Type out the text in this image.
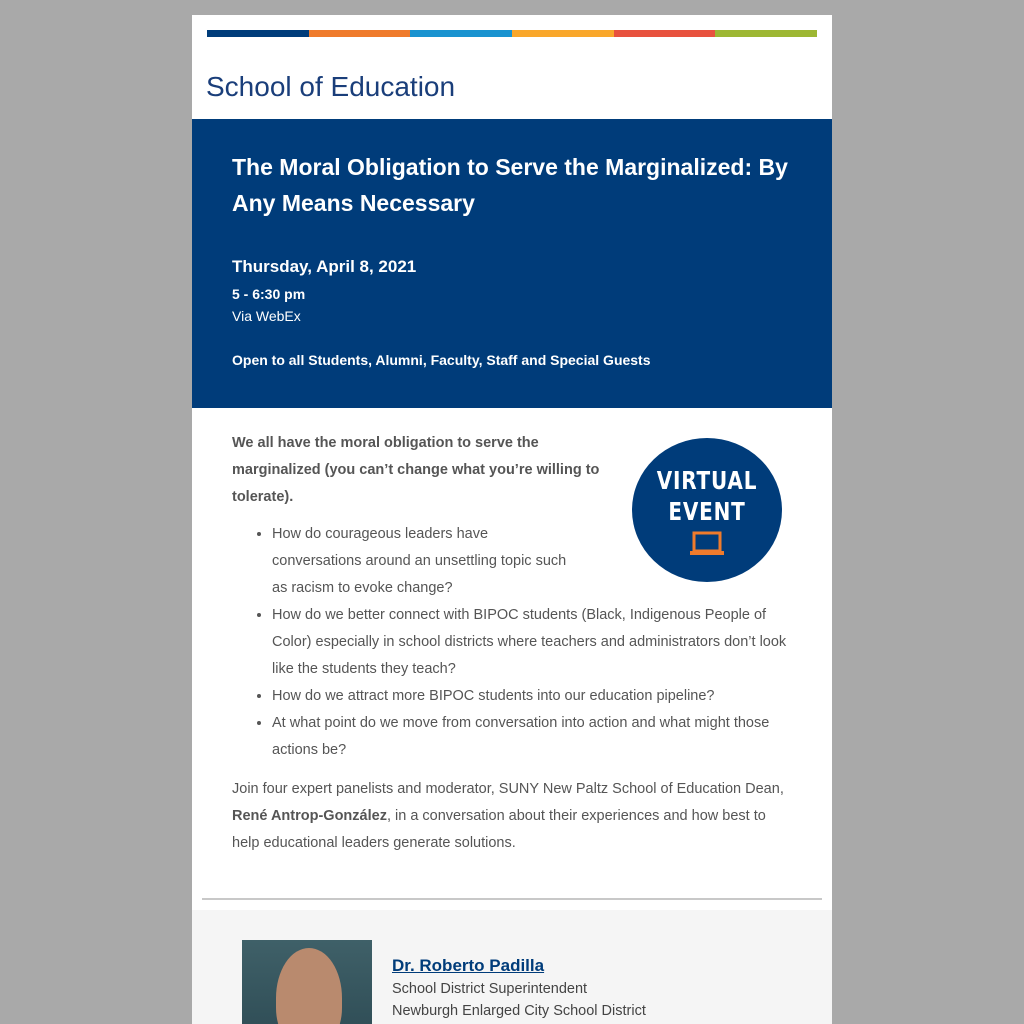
School of Education
The Moral Obligation to Serve the Marginalized: By Any Means Necessary
Thursday, April 8, 2021
5 - 6:30 pm
Via WebEx
Open to all Students, Alumni, Faculty, Staff and Special Guests
VIRTUAL
EVENT

We all have the moral obligation to serve the marginalized (you can’t change what you’re willing to tolerate).

• How do courageous leaders have conversations around an unsettling topic such as racism to evoke change?
• How do we better connect with BIPOC students (Black, Indigenous People of Color) especially in school districts where teachers and administrators don’t look like the students they teach?
• How do we attract more BIPOC students into our education pipeline?
• At what point do we move from conversation into action and what might those actions be?

Join four expert panelists and moderator, SUNY New Paltz School of Education Dean, René Antrop-González, in a conversation about their experiences and how best to help educational leaders generate solutions.

Dr. Roberto Padilla
School District Superintendent
Newburgh Enlarged City School District
